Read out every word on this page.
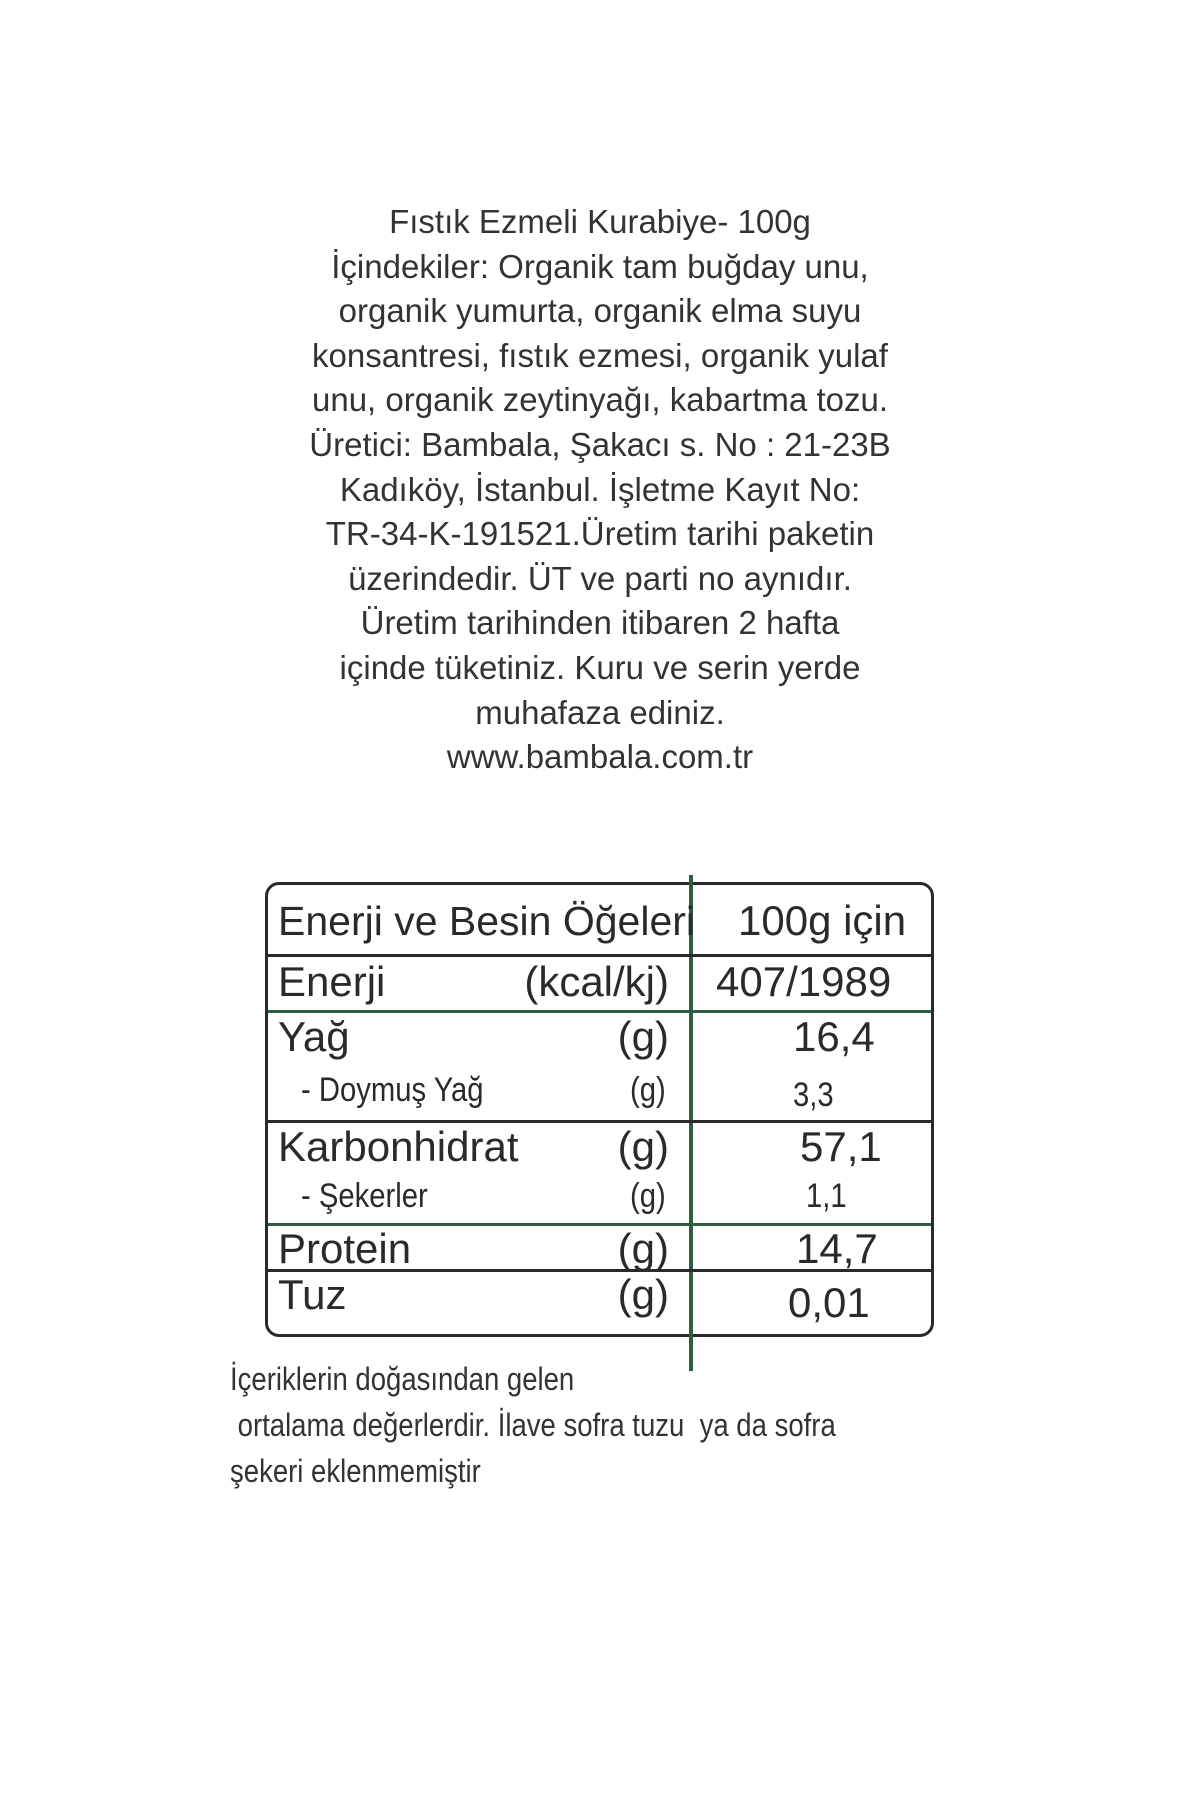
Fıstık Ezmeli Kurabiye- 100g
İçindekiler: Organik tam buğday unu,
organik yumurta, organik elma suyu
konsantresi, fıstık ezmesi, organik yulaf
unu, organik zeytinyağı, kabartma tozu.
Üretici: Bambala, Şakacı s. No : 21-23B
Kadıköy, İstanbul. İşletme Kayıt No:
TR-34-K-191521.Üretim tarihi paketin
üzerindedir. ÜT ve parti no aynıdır.
Üretim tarihinden itibaren 2 hafta
içinde tüketiniz. Kuru ve serin yerde
muhafaza ediniz.
www.bambala.com.tr
Enerji ve Besin Öğeleri 100g için
Enerji	(kcal/kj) 407/1989
Yağ	(g)	16,4
- Doymuş Yağ	(g)	3,3
Karbonhidrat (g)	57,1
- Şekerler	(g)	1,1
Protein	(g)	14,7
Tuz	(g)	0,01
İçeriklerin doğasından gelen
ortalama değerlerdir. İlave sofra tuzu  ya da sofra
şekeri eklenmemiştir
